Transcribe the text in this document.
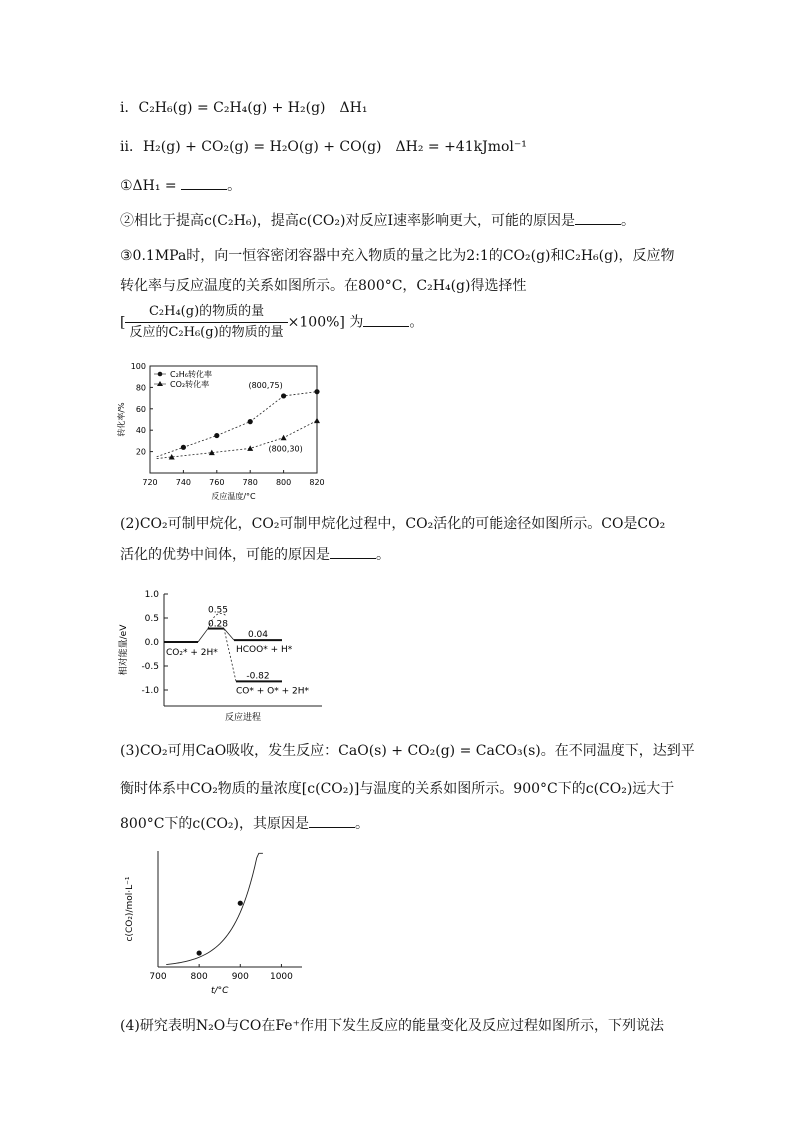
i．C₂H₆(g) = C₂H₄(g) + H₂(g)　ΔH₁
ii．H₂(g) + CO₂(g) = H₂O(g) + CO(g)　ΔH₂ = +41kJmol⁻¹
①ΔH₁ =	。
②相比于提高c(C₂H₆)，提高c(CO₂)对反应I速率影响更大，可能的原因是	。
③0.1MPa时，向一恒容密闭容器中充入物质的量之比为2:1的CO₂(g)和C₂H₆(g)，反应物
转化率与反应温度的关系如图所示。在800°C，C₂H₄(g)得选择性
[ $\frac{\text{C₂H₄(g)的物质的量}}{\text{反应的C₂H₆(g)的物质的量}} \times 100\%$] 为	。
720 740 760 780 800 820
20
40
60
80
100
反应温度/°C
转化率/%
C₂H₆转化率
CO₂转化率	(800,75)
(800,30)
(2)CO₂可制甲烷化，CO₂可制甲烷化过程中，CO₂活化的可能途径如图所示。CO是CO₂
活化的优势中间体，可能的原因是	。
1.0
0.5
0.0
-0.5
-1.0
相对能量/eV
反应进程
0.55
0.28
CO₂* + 2H*
0.04
HCOO* + H*
-0.82
CO* + O* + 2H*
(3)CO₂可用CaO吸收，发生反应：CaO(s) + CO₂(g) = CaCO₃(s)。在不同温度下，达到平
衡时体系中CO₂物质的量浓度[c(CO₂)]与温度的关系如图所示。900°C下的c(CO₂)远大于
800°C下的c(CO₂)，其原因是	。
700	800	900 1000
t/°C
c(CO₂)/mol·L⁻¹
(4)研究表明N₂O与CO在Fe⁺作用下发生反应的能量变化及反应过程如图所示，下列说法
